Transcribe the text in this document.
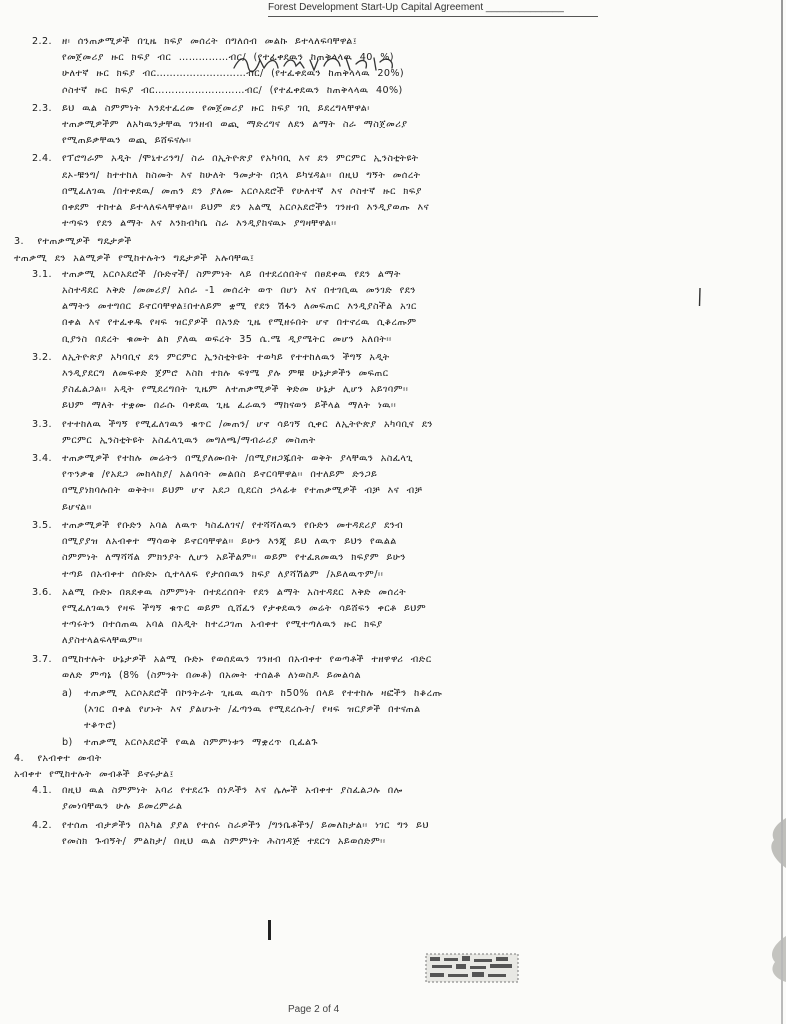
Forest Development Start-Up Capital Agreement ______________
2.2. ዘ፡ ሰንጠቃሚዎች በጊዜ ክፍያ መሰረት በግለሰብ መልኩ ይተላለፍባቸዋል፤

የመጀመሪያ ዙር ክፍያ ብር ……………ብር/ (የተፈቀደዉን ከጠቅላላዉ 40 %)

ሁለተኛ ዙር ክፍያ ብር………………………ብር/ (የተፈቀደዉን ከጠቅላላዉ 20%)

ሶስተኛ ዙር ክፍያ ብር………………………ብር/ (የተፈቀደዉን ከጠቅላላዉ 40%)

2.3. ይህ ዉል ስምምነት እንደተፈረመ የመጀመሪያ ዙር ክፍያ ገቢ ይደረግላቸዋል፡

ተጠቃሚዎችም ለአካዉንታቸዉ ገንዘብ ወጪ ማድረግና ለደን ልማት ስራ ማስጀመሪያ

የሚጠይቃቸዉን ወጪ ይሸፍናሉ፡፡

2.4. የፕሮግራም አዲት /ሞኒተሪንግ/ ስራ በኢትዮጵያ የአካባቢ እና ደን ምርምር ኢንስቲትዩት

ደኦ-ቹንግ/ ከተተከለ ከስመት እና ከሁለት ዓመታት በኋላ ይካሄዳል፡፡ በዚህ ግኝት መሰረት

በሚፈለገዉ /በተቀደዉ/ መጠን ደን ያለሙ አርሶአደሮች የሁለተኛ እና ሶስተኛ ዙር ክፍያ

በቀደም ተከተል ይተላለፍላቸዋል፡፡ ይህም ደን አልሚ አርሶአደሮችን ገንዘብ እንዲያወጡ እና

ተጣፍን የደን ልማት እና እንክብካቤ ስራ እንዲያከናዉኑ ያግዛቸዋል፡፡

3. የተጠቃሚዎች ግዴታዎች

ተጠቃሚ ደን አልሚዎች የሚከተሉትን ግዴታዎች አሉባቸዉ፤

3.1. ተጠቃሚ አርሶአደሮች /ቡድኖች/ ስምምነት ላይ በተደረሰበትና በፀደቀዉ የደን ልማት

አስተዳደር እቅድ /መመሪያ/ አሰራ -1 መሰረት ወጥ በሆነ እና በተገቢዉ መንገድ የደን

ልማትን መተግበር ይኖርባቸዋል፤በተለይም ቋሚ የደን ሽፋን ለመፍጠር እንዲያስችል አገር

በቀል እና የተፈቀዱ የዛፍ ዝርያዎች በአንድ ጊዜ የሚዘሩበት ሆኖ በተኖረዉ ሲቆረጡም

ቢያንስ በደረት ቁመት ልክ ያለዉ ወፍረት 35 ሴ.ሜ ዲያሜትር መሆን አለበት፡፡

3.2. ለኢትዮጵያ አካባቢና ደን ምርምር ኢንስቲትዩት ተወካይ የተተከለዉን ችግኝ አዲት

እንዲያደርግ ለመፍቀድ ጀምሮ እስከ ተክሉ ፍፃሜ ያሉ ምቹ ሁኔታዎችን መፍጠር

ያስፈልጋል፡፡ አዲት የሚደረግበት ጊዜም ለተጠቃሚዎች ቅድመ ሁኔታ ሊሆን አይገባም፡፡

ይህም ማለት ተቋሙ በራሱ ባቀደዉ ጊዜ ፈራዉን ማከናወን ይችላል ማለት ነዉ፡፡

3.3. የተተከለዉ ችግኝ የሚፈለገዉን ቁጥር /መጠን/ ሆኖ ሳይገኝ ሲቀር ለኢትዮጵያ አካባቢና ደን

ምርምር ኢንስቲትዩት አስፈላጊዉን መግለጫ/ማብራሪያ መስጠት

3.4. ተጠቃሚዎች የተከሉ መሬትን በሚያለሙበት /በሚያዘጋጁበት ወቅት ያላቸዉን አስፈላጊ

የጥንቃቄ /የአደጋ መከላከያ/ አልባሳት መልበስ ይኖርባቸዋል፡፡ በተለይም ድንጋይ

በሚያነክባሉበት ወቅት፡፡ ይህም ሆኖ አደጋ ቢደርስ ኃላፊቱ የተጠቃሚዎች ብቻ እና ብቻ

ይሆናል፡፡

3.5. ተጠቃሚዎች የቡድን አባል ለዉጥ ካስፈለገና/ የተሻሻለዉን የቡድን መተዳደሪያ ደንብ

በሚያያዝ ለአብቀተ ማሳወቅ ይኖርባቸዋል፡፡ ይሁን እንጂ ይህ ለዉጥ ይህን የዉልል

ስምምነት ለማሻሻል ምክንያት ሊሆን አይችልም፡፡ ወይም የተፈጸመዉን ክፍያም ይሁን

ተጣይ በአብቀተ ሰቡድኑ ሲተላለፍ የታሰበዉን ክፍያ ለያሻሽልም /አይለዉጥም/፡፡

3.6. አልሚ ቡድኑ በጸደቀዉ ስምምነት በተደረሰበት የደን ልማት አስተዳደር እቅድ መሰረት

የሚፈለገዉን የዛፍ ችግኝ ቁጥር ወይም ሲሸፈን የታቀደዉን መሬት ሳይሸፍን ቀርቶ ይህም

ተጣሩትን በተሰጠዉ አባል በአዲት ከተረጋገጠ አብቀተ የሚተጣለዉን ዙር ክፍያ

ለያስተላልፍላቸዉም፡፡

3.7. በሚከተሉት ሁኔታዎች አልሚ ቡድኑ የወሰደዉን ገንዘብ በአብቀተ የወጣቶች ተዘዋዋሪ ብድር

ወለድ ምጣኔ (8% (ስምንት በመቶ) በአመት ተሰልቶ ለነወስዶ ይመልሳል

a) ተጠቃሚ አርሶአደሮች በኮንትራት ጊዜዉ ዉስጥ ከ50% በላይ የተተከሉ ዛፎችን ከቆረጡ

(እገር በቀል የሆኑት እና ያልሆኑት /ፈጣንዉ የሚደረሱት/ የዛፍ ዝርያዎች በተናጠል

ተቆጥሮ)

b) ተጠቃሚ አርሶአደሮች የዉል ስምምነቱን ማቋረጥ ቢፈልጉ

4. የአብቀተ መብት

አብቀተ የሚከተሉት መብቶች ይኖሩታል፤

4.1. በዚህ ዉል ስምምነት አባሪ የተደረጉ ሰነዶችን እና ሌሎች አብቀተ ያስፈልጋሉ በሎ

ያመነባቸዉን ሁሉ ይመረምራል

4.2. የተሰጠ ብታዎችን በአካል ያያል የተሰሩ ስራዎችን /ግንቤቶችን/ ይመለከታል፡፡ ነገር ግን ይህ

የመስክ ጉብኝት/ ምልከታ/ በዚህ ዉል ስምምነት ሕስገዳጅ ተደርጎ አይወሰድም፡፡

Page 2 of 4
